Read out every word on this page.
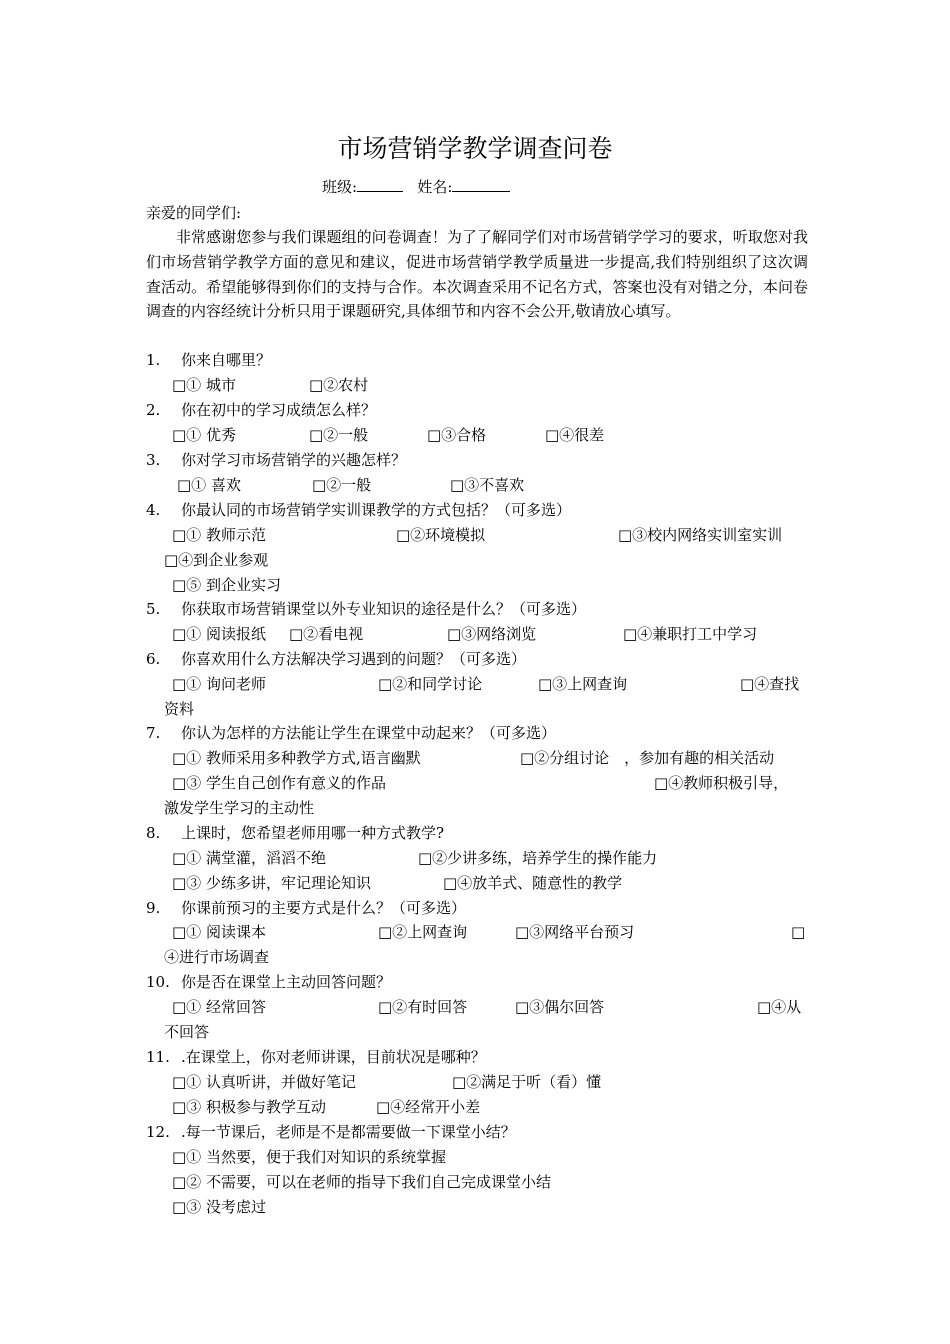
市场营销学教学调查问卷
班级:	姓名:
亲爱的同学们:

非常感谢您参与我们课题组的问卷调查！为了了解同学们对市场营销学学习的要求，听取您对我们市场营销学教学方面的意见和建议，促进市场营销学教学质量进一步提高,我们特别组织了这次调查活动。希望能够得到你们的支持与合作。本次调查采用不记名方式，答案也没有对错之分，本问卷调查的内容经统计分析只用于课题研究,具体细节和内容不会公开,敬请放心填写。

1. 你来自哪里？
□① 城市	□②农村
2. 你在初中的学习成绩怎么样？
□① 优秀	□②一般	□③合格	□④很差
3. 你对学习市场营销学的兴趣怎样？
□① 喜欢	□②一般	□③不喜欢
4. 你最认同的市场营销学实训课教学的方式包括？（可多选）
□① 教师示范	□②环境模拟	□③校内网络实训室实训
□④到企业参观
□⑤ 到企业实习
5. 你获取市场营销课堂以外专业知识的途径是什么？（可多选）
□① 阅读报纸 □②看电视	□③网络浏览	□④兼职打工中学习
6. 你喜欢用什么方法解决学习遇到的问题？（可多选）
□① 询问老师	□②和同学讨论	□③上网查询	□④查找
资料
7. 你认为怎样的方法能让学生在课堂中动起来？（可多选）
□① 教师采用多种教学方式,语言幽默	□②分组讨论　，参加有趣的相关活动
□③ 学生自己创作有意义的作品	□④教师积极引导，
激发学生学习的主动性
8. 上课时，您希望老师用哪一种方式教学?
□① 满堂灌，滔滔不绝	□②少讲多练，培养学生的操作能力
□③ 少练多讲，牢记理论知识	□④放羊式、随意性的教学
9. 你课前预习的主要方式是什么？（可多选）
□① 阅读课本	□②上网查询	□③网络平台预习	□
④进行市场调查
10. 你是否在课堂上主动回答问题？
□① 经常回答	□②有时回答	□③偶尔回答	□④从
不回答
11. .在课堂上，你对老师讲课，目前状况是哪种？
□① 认真听讲，并做好笔记	□②满足于听（看）懂
□③ 积极参与教学互动	□④经常开小差
12. .每一节课后，老师是不是都需要做一下课堂小结？
□① 当然要，便于我们对知识的系统掌握
□② 不需要，可以在老师的指导下我们自己完成课堂小结
□③ 没考虑过
